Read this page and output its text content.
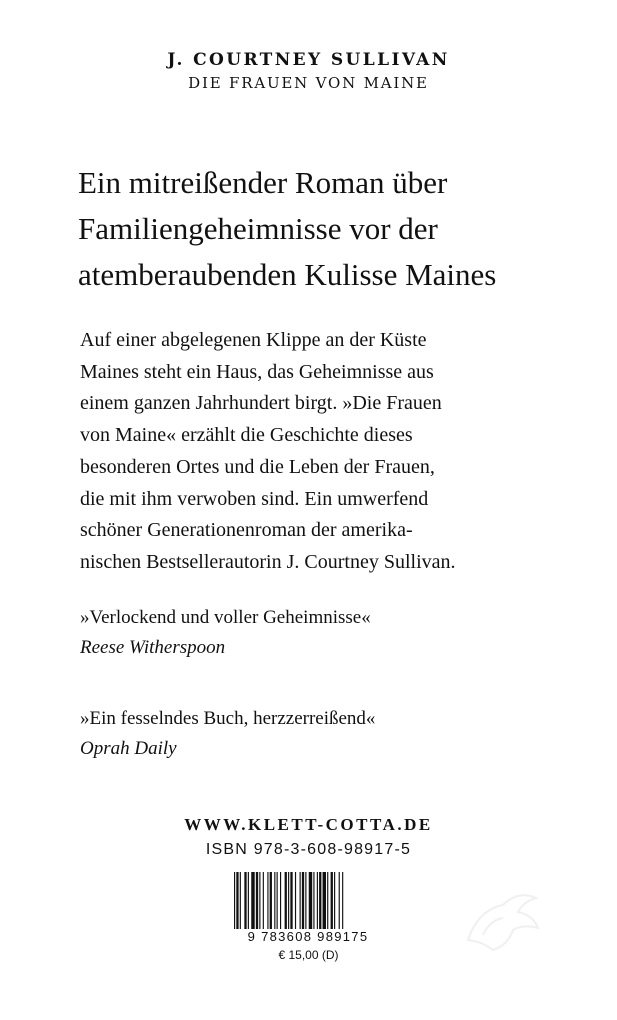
J. COURTNEY SULLIVAN
DIE FRAUEN VON MAINE
Ein mitreißender Roman über
Familiengeheimnisse vor der
atemberaubenden Kulisse Maines
Auf einer abgelegenen Klippe an der Küste
Maines steht ein Haus, das Geheimnisse aus
einem ganzen Jahrhundert birgt. »Die Frauen
von Maine« erzählt die Geschichte dieses
besonderen Ortes und die Leben der Frauen,
die mit ihm verwoben sind. Ein umwerfend
schöner Generationenroman der amerika-
nischen Bestsellerautorin J. Courtney Sullivan.
»Verlockend und voller Geheimnisse«
Reese Witherspoon
»Ein fesselndes Buch, herzzerreißend«
Oprah Daily
WWW.KLETT-COTTA.DE
ISBN 978-3-608-98917-5
9 783608 989175
€ 15,00 (D)
